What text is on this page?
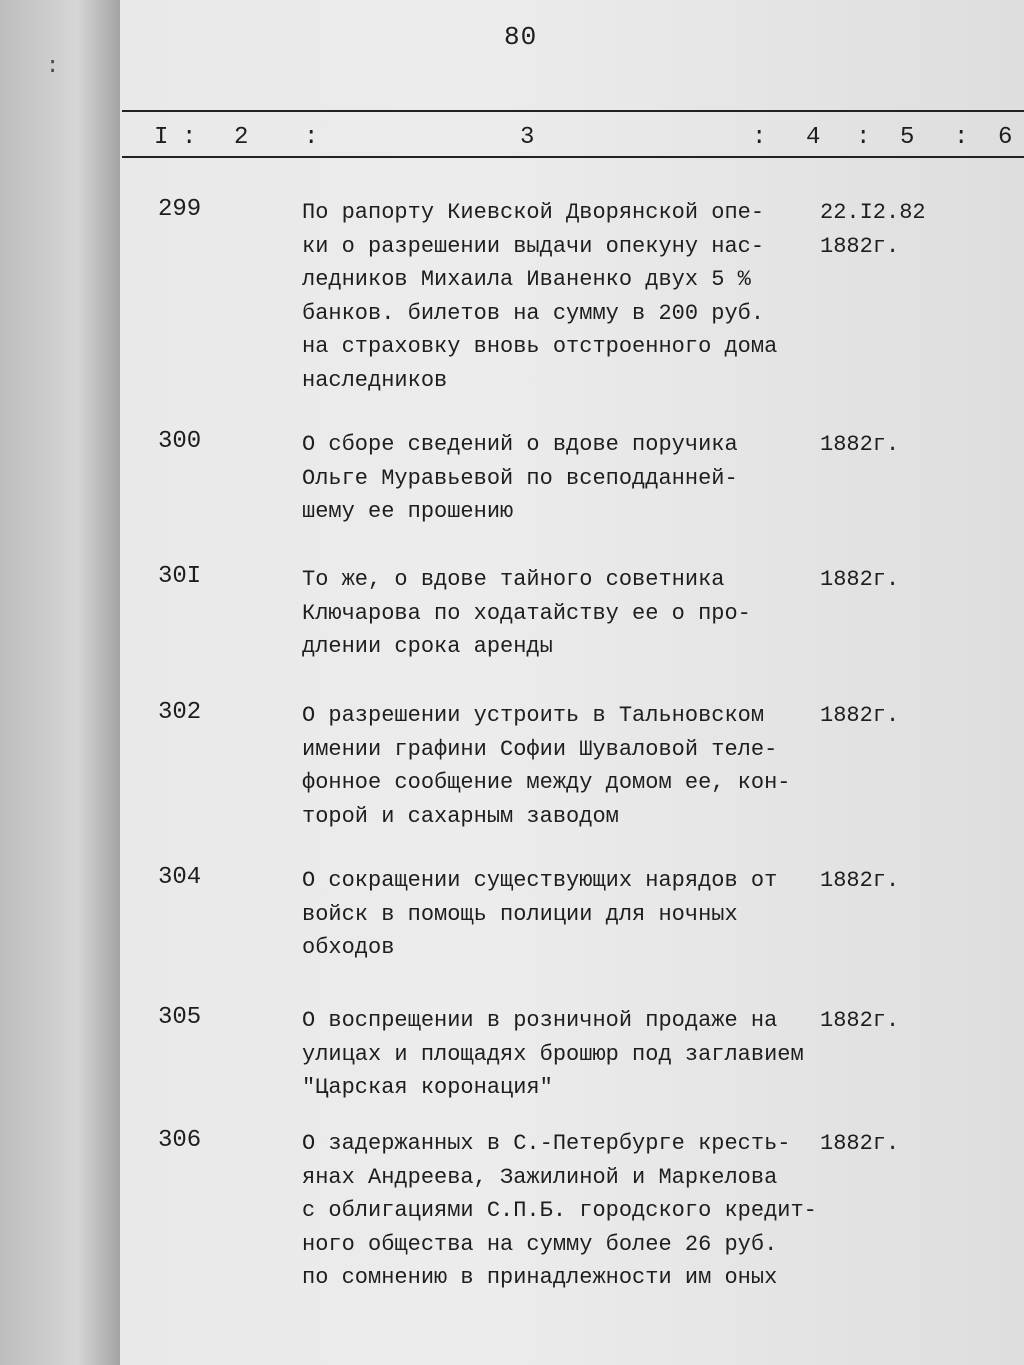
:
80
I : 2 :	3	: 4 : 5 : 6
299	По рапорту Киевской Дворянской опе-
ки о разрешении выдачи опекуну нас-
ледников Михаила Иваненко двух 5 %
банков. билетов на сумму в 200 руб.
на страховку вновь отстроенного дома
наследников
22.I2.82
1882г.
300	О сборе сведений о вдове поручика
Ольге Муравьевой по всеподданней-
шему ее прошению
1882г.
30I	То же, о вдове тайного советника
Ключарова по ходатайству ее о про-
длении срока аренды
1882г.
302	О разрешении устроить в Тальновском
имении графини Софии Шуваловой теле-
фонное сообщение между домом ее, кон-
торой и сахарным заводом
1882г.
304	О сокращении существующих нарядов от
войск в помощь полиции для ночных
обходов
1882г.
305	О воспрещении в розничной продаже на
улицах и площадях брошюр под заглавием
"Царская коронация"
1882г.
306	О задержанных в С.-Петербурге кресть-
янах Андреева, Зажилиной и Маркелова
с облигациями С.П.Б. городского кредит-
ного общества на сумму более 26 руб.
по сомнению в принадлежности им оных
1882г.
